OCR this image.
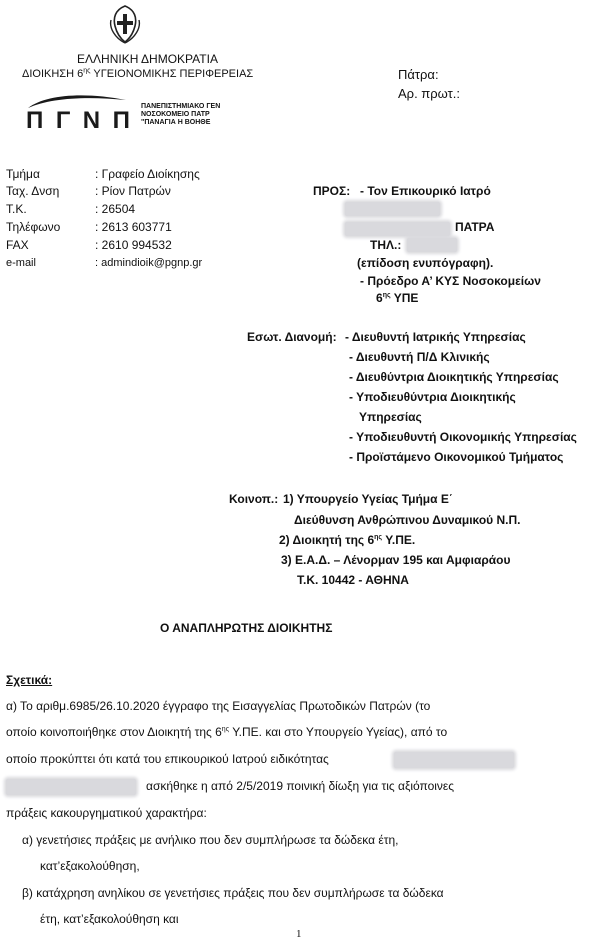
ΕΛΛΗΝΙΚΗ ΔΗΜΟΚΡΑΤΙΑ
ΔΙΟΙΚΗΣΗ $6^{\eta\varsigma}$ ΥΓΕΙΟΝΟΜΙΚΗΣ ΠΕΡΙΦΕΡΕΙΑΣ	Πάτρα:
Αρ. πρωτ.:
ΠΓΝΠ
ΠΑΝΕΠΙΣΤΗΜΙΑΚΟ ΓΕΝ
ΝΟΣΟΚΟΜΕΙΟ ΠΑΤΡ
"ΠΑΝΑΓΙΑ Η ΒΟΗΘΕ
Τμήμα	: Γραφείο Διοίκησης
Ταχ. Δνση	: Ρίον Πατρών
Τ.Κ.	: 26504
Τηλέφωνο	: 2613 603771
FAX	: 2610 994532
e-mail	: admindioik@pgnp.gr
ΠΡΟΣ: - Τον Επικουρικό Ιατρό
ΠΑΤΡΑ
ΤΗΛ.:
(επίδοση ενυπόγραφη).
- Πρόεδρο Α’ ΚΥΣ Νοσοκομείων
$6^{\eta\varsigma}$ ΥΠΕ
Εσωτ. Διανομή: - Διευθυντή Ιατρικής Υπηρεσίας
- Διευθυντή Π/Δ Κλινικής
- Διευθύντρια Διοικητικής Υπηρεσίας
- Υποδιευθύντρια Διοικητικής
Υπηρεσίας
- Υποδιευθυντή Οικονομικής Υπηρεσίας
- Προϊστάμενο Οικονομικού Τμήματος
Κοινοπ.: 1) Υπουργείο Υγείας Τμήμα Ε΄
Διεύθυνση Ανθρώπινου Δυναμικού Ν.Π.
2) Διοικητή της $6^{\eta\varsigma}$ Υ.ΠΕ.
3) Ε.Α.Δ. – Λένορμαν 195 και Αμφιαράου
Τ.Κ. 10442 - ΑΘΗΝΑ
Ο ΑΝΑΠΛΗΡΩΤΗΣ ΔΙΟΙΚΗΤΗΣ
Σχετικά:
α) Το αριθμ.6985/26.10.2020 έγγραφο της Εισαγγελίας Πρωτοδικών Πατρών (το
οποίο κοινοποιήθηκε στον Διοικητή της $6^{\eta\varsigma}$ Υ.ΠΕ. και στο Υπουργείο Υγείας), από το
οποίο προκύπτει ότι κατά του επικουρικού Ιατρού ειδικότητας
ασκήθηκε η από 2/5/2019 ποινική δίωξη για τις αξιόποινες
πράξεις κακουργηματικού χαρακτήρα:
α) γενετήσιες πράξεις με ανήλικο που δεν συμπλήρωσε τα δώδεκα έτη,
κατ’εξακολούθηση,
β) κατάχρηση ανηλίκου σε γενετήσιες πράξεις που δεν συμπλήρωσε τα δώδεκα
έτη, κατ’εξακολούθηση και
1
